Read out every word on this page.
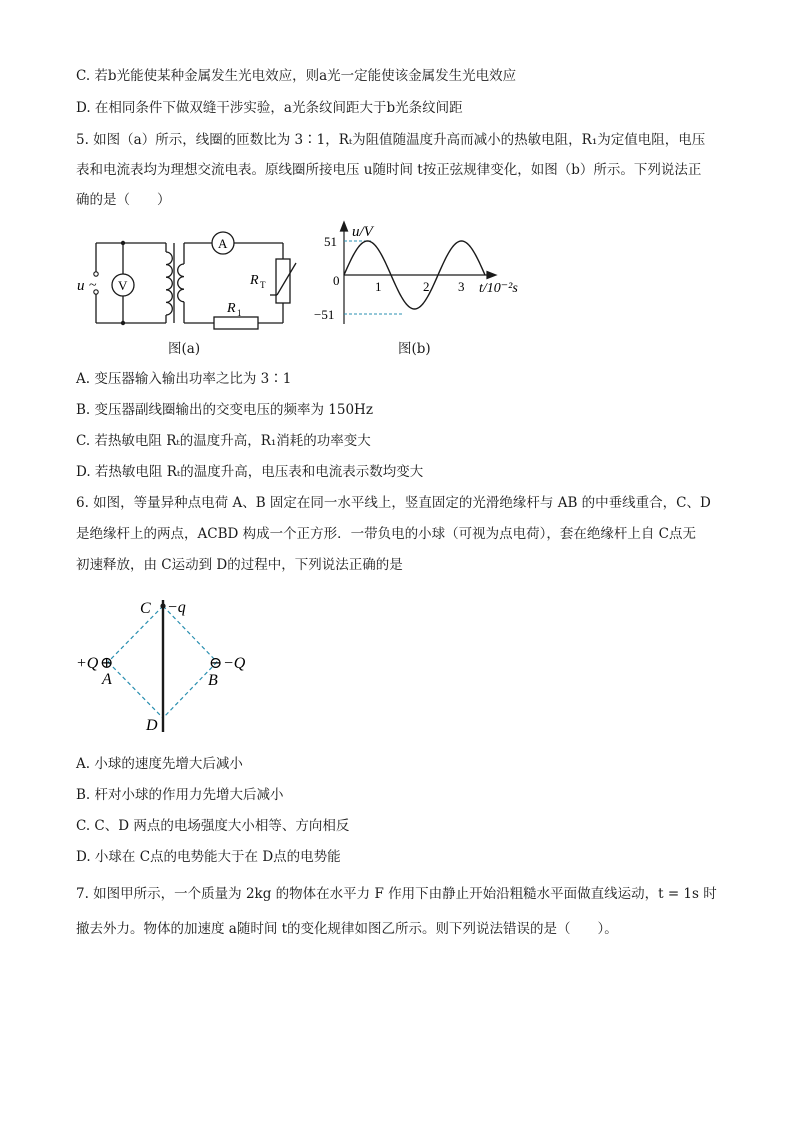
C. 若b光能使某种金属发生光电效应，则a光一定能使该金属发生光电效应
D. 在相同条件下做双缝干涉实验，a光条纹间距大于b光条纹间距
5. 如图（a）所示，线圈的匝数比为 3∶1，Rₜ为阻值随温度升高而减小的热敏电阻，R₁为定值电阻，电压
表和电流表均为理想交流电表。原线圈所接电压 u随时间 t按正弦规律变化，如图（b）所示。下列说法正
确的是（　　）
u ~ V
A
R T
R 1
图(a)
u/V
51
−51
0	1	2 3 t/10⁻²s
图(b)
A. 变压器输入输出功率之比为 3∶1
B. 变压器副线圈输出的交变电压的频率为 150Hz
C. 若热敏电阻 Rₜ的温度升高，R₁消耗的功率变大
D. 若热敏电阻 Rₜ的温度升高，电压表和电流表示数均变大
6. 如图，等量异种点电荷 A、B 固定在同一水平线上，竖直固定的光滑绝缘杆与 AB 的中垂线重合，C、D
是绝缘杆上的两点，ACBD 构成一个正方形．一带负电的小球（可视为点电荷），套在绝缘杆上自 C点无
初速释放，由 C运动到 D的过程中，下列说法正确的是
C −q
+Q ⊕
A
⊖ −Q
B
D
A. 小球的速度先增大后减小
B. 杆对小球的作用力先增大后减小
C. C、D 两点的电场强度大小相等、方向相反
D. 小球在 C点的电势能大于在 D点的电势能
7. 如图甲所示，一个质量为 2kg 的物体在水平力 F 作用下由静止开始沿粗糙水平面做直线运动，t = 1s 时
撤去外力。物体的加速度 a随时间 t的变化规律如图乙所示。则下列说法错误的是（　　）。
